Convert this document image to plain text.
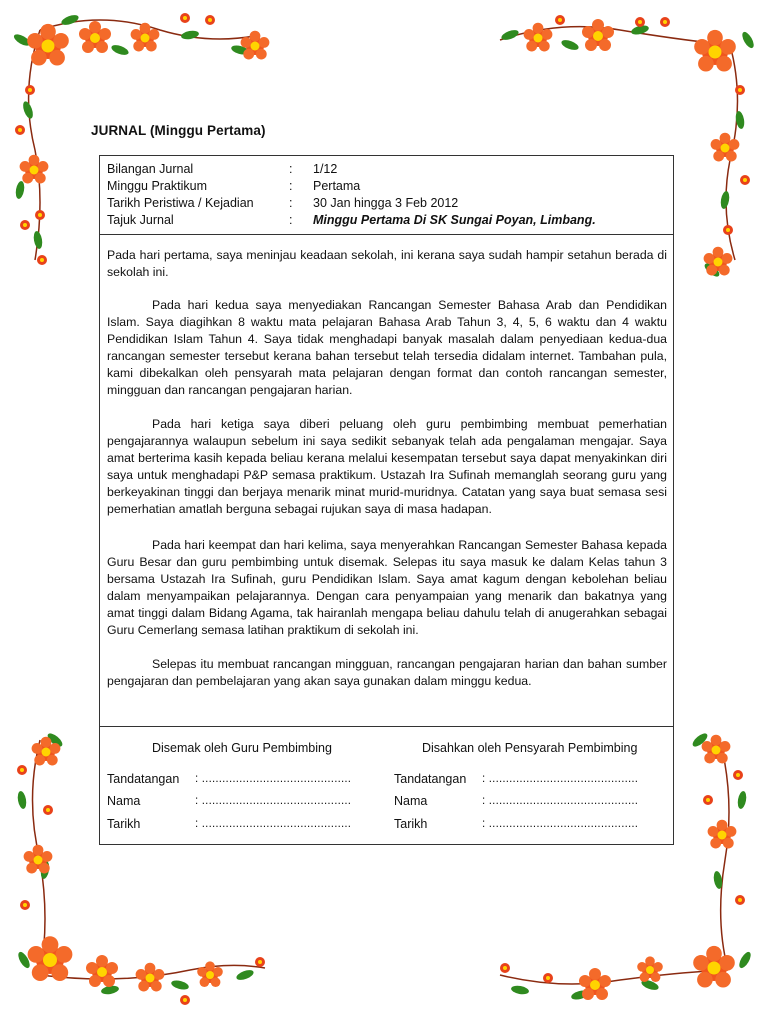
JURNAL (Minggu Pertama)
Bilangan Jurnal	: 1/12
Minggu Praktikum	: Pertama
Tarikh Peristiwa / Kejadian	: 30 Jan hingga 3 Feb 2012
Tajuk Jurnal	: Minggu Pertama Di SK Sungai Poyan, Limbang.

Pada hari pertama, saya meninjau keadaan sekolah, ini kerana saya sudah hampir setahun berada di sekolah ini.

Pada hari kedua saya menyediakan Rancangan Semester Bahasa Arab dan Pendidikan Islam. Saya diagihkan 8 waktu mata pelajaran Bahasa Arab Tahun 3, 4, 5, 6 waktu dan 4 waktu Pendidikan Islam Tahun 4. Saya tidak menghadapi banyak masalah dalam penyediaan kedua-dua rancangan semester tersebut kerana bahan tersebut telah tersedia didalam internet. Tambahan pula, kami dibekalkan oleh pensyarah mata pelajaran dengan format dan contoh rancangan semester, mingguan dan rancangan pengajaran harian.

Pada hari ketiga saya diberi peluang oleh guru pembimbing membuat pemerhatian pengajarannya walaupun sebelum ini saya sedikit sebanyak telah ada pengalaman mengajar. Saya amat berterima kasih kepada beliau kerana melalui kesempatan tersebut saya dapat menyakinkan diri saya untuk menghadapi P&P semasa praktikum. Ustazah Ira Sufinah memanglah seorang guru yang berkeyakinan tinggi dan berjaya menarik minat murid-muridnya. Catatan yang saya buat semasa sesi pemerhatian amatlah berguna sebagai rujukan saya di masa hadapan.

Pada hari keempat dan hari kelima, saya menyerahkan Rancangan Semester Bahasa kepada Guru Besar dan guru pembimbing untuk disemak. Selepas itu saya masuk ke dalam Kelas tahun 3 bersama Ustazah Ira Sufinah, guru Pendidikan Islam. Saya amat kagum dengan kebolehan beliau dalam menyampaikan pelajarannya. Dengan cara penyampaian yang menarik dan bakatnya yang amat tinggi dalam Bidang Agama, tak hairanlah mengapa beliau dahulu telah di anugerahkan sebagai Guru Cemerlang semasa latihan praktikum di sekolah ini.

Selepas itu membuat rancangan mingguan, rancangan pengajaran harian dan bahan sumber pengajaran dan pembelajaran yang akan saya gunakan dalam minggu kedua.

Disemak oleh Guru Pembimbing
Tandatangan : ............................................
Nama	: ............................................
Tarikh	: ............................................
Disahkan oleh Pensyarah Pembimbing
Tandatangan : ............................................
Nama	: ............................................
Tarikh	: ............................................
